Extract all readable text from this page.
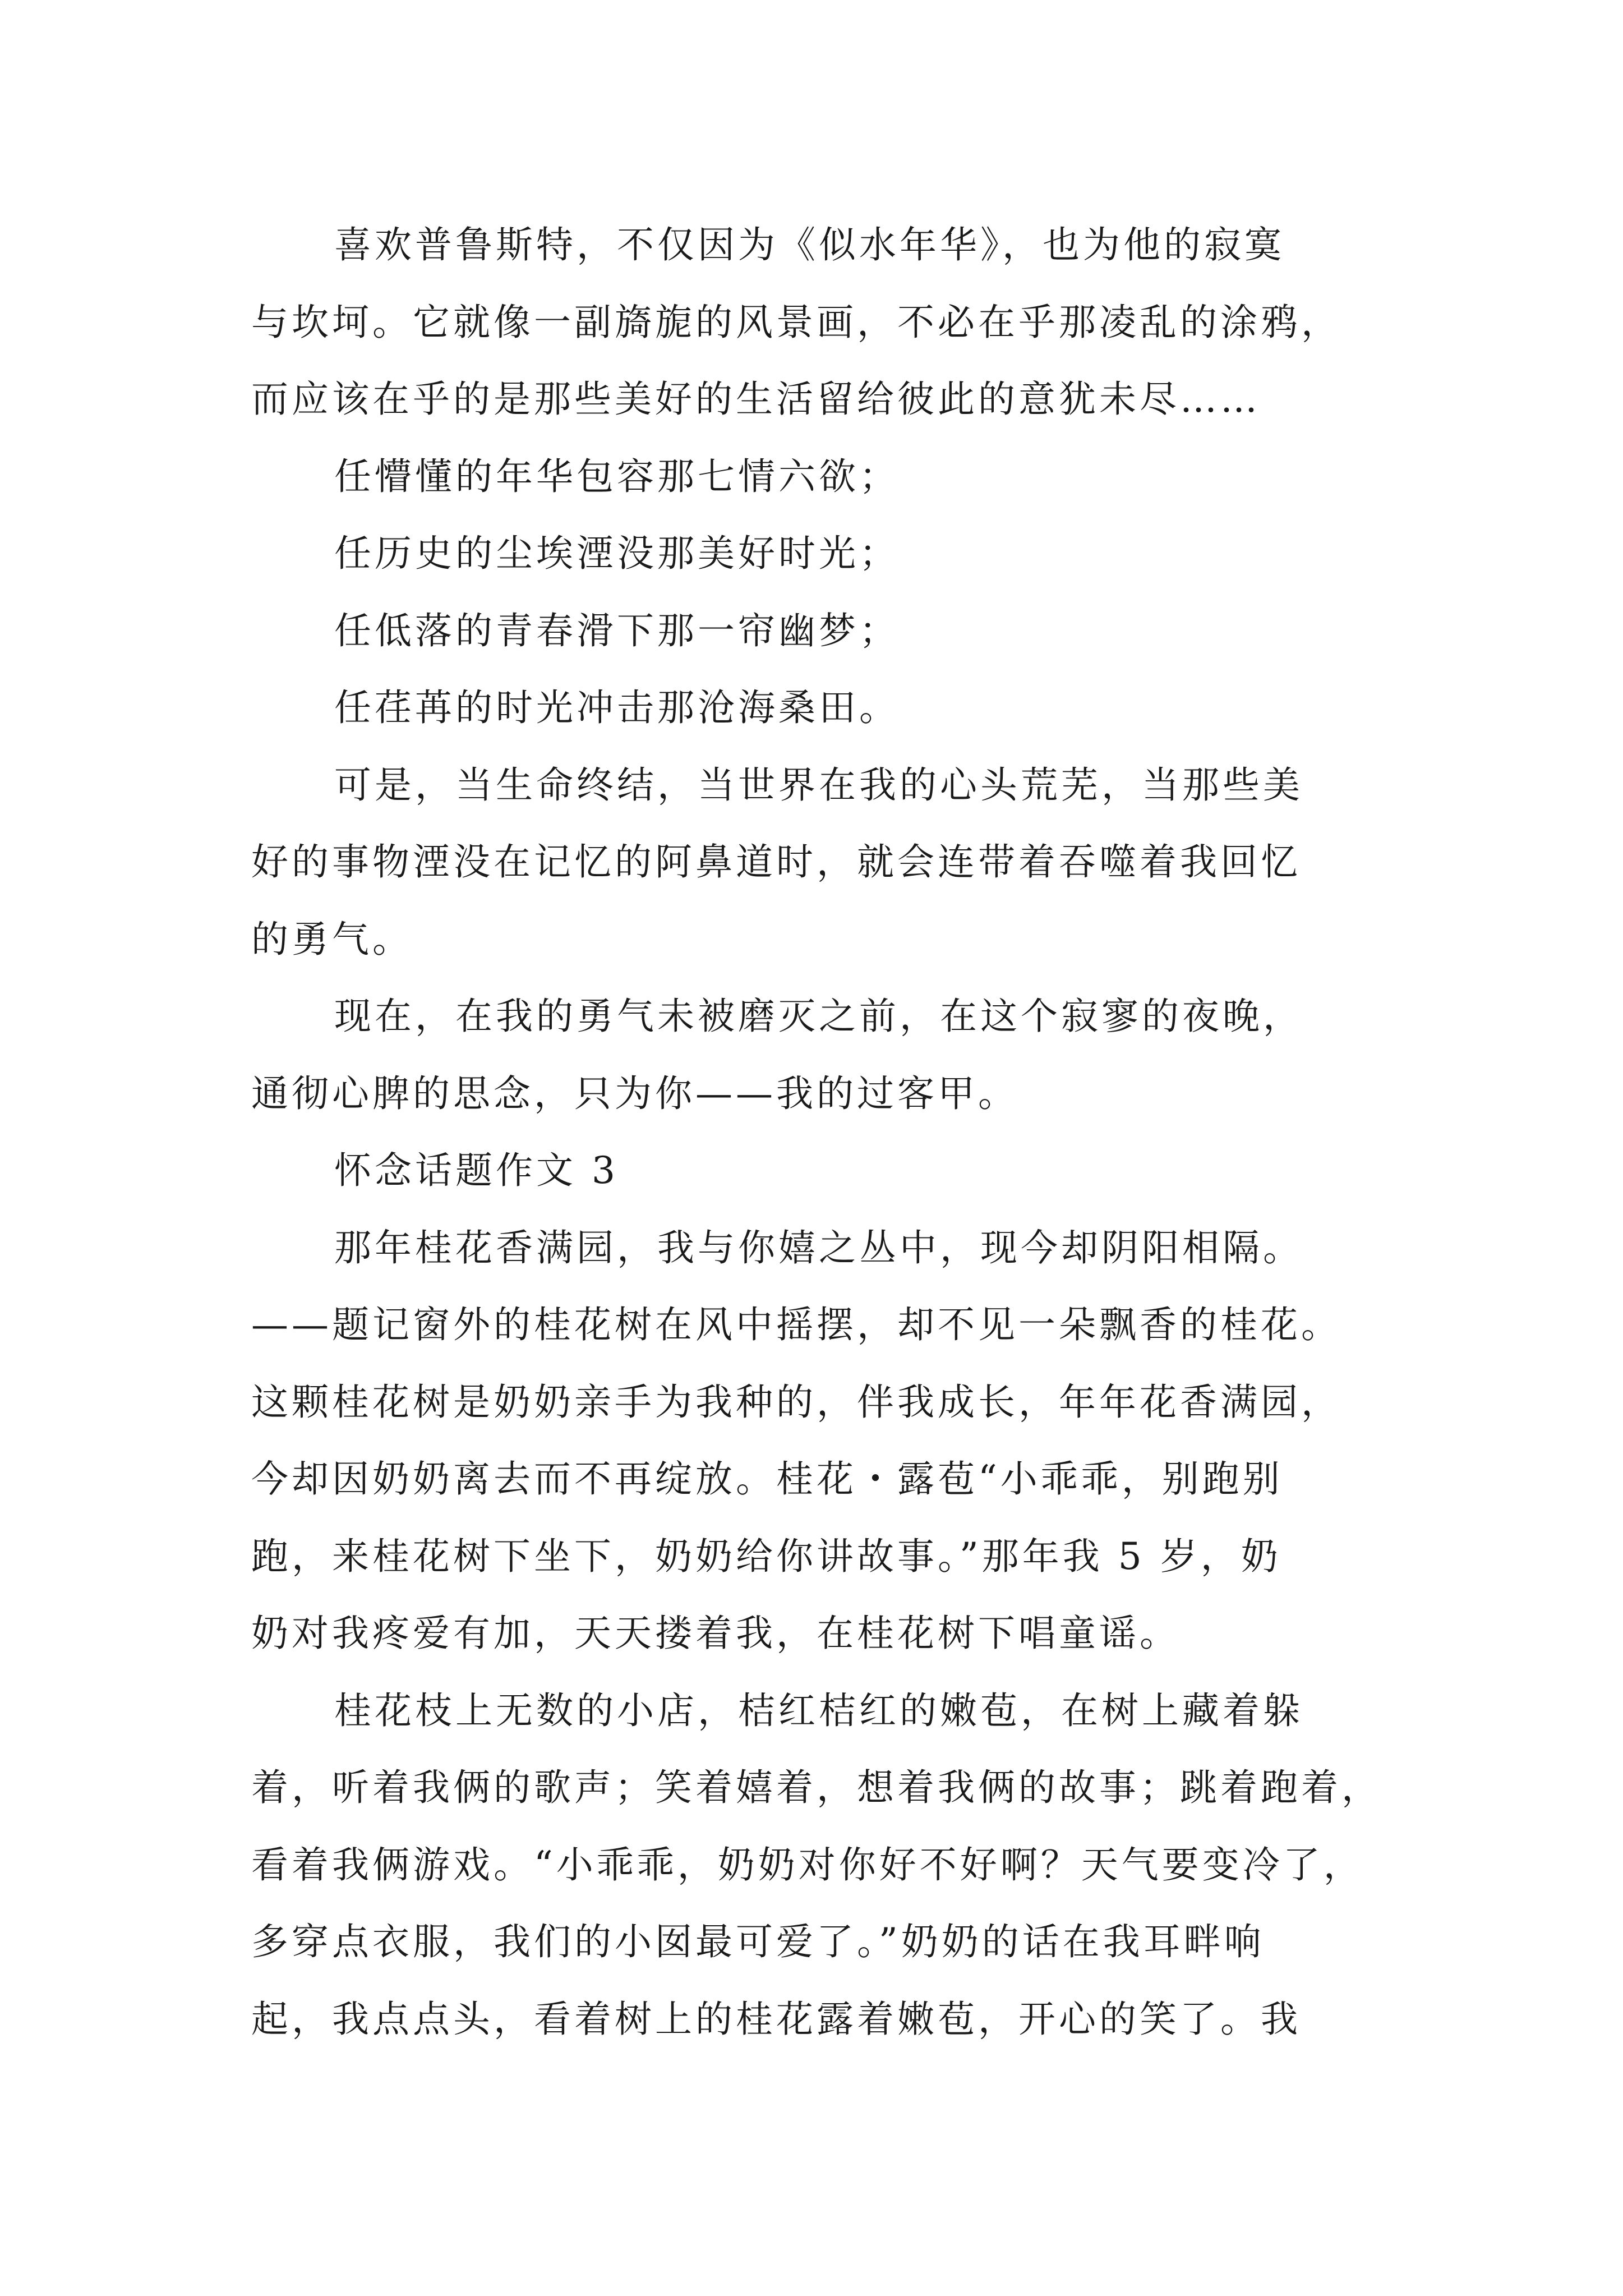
喜欢普鲁斯特，不仅因为《似水年华》，也为他的寂寞
与坎坷。它就像一副旖旎的风景画，不必在乎那凌乱的涂鸦，
而应该在乎的是那些美好的生活留给彼此的意犹未尽……
任懵懂的年华包容那七情六欲；
任历史的尘埃湮没那美好时光；
任低落的青春滑下那一帘幽梦；
任荏苒的时光冲击那沧海桑田。
可是，当生命终结，当世界在我的心头荒芜，当那些美
好的事物湮没在记忆的阿鼻道时，就会连带着吞噬着我回忆
的勇气。
现在，在我的勇气未被磨灭之前，在这个寂寥的夜晚，
通彻心脾的思念，只为你——我的过客甲。
怀念话题作文 3
那年桂花香满园，我与你嬉之丛中，现今却阴阳相隔。
——题记窗外的桂花树在风中摇摆，却不见一朵飘香的桂花。
这颗桂花树是奶奶亲手为我种的，伴我成长，年年花香满园，
今却因奶奶离去而不再绽放。桂花・露苞“小乖乖，别跑别
跑，来桂花树下坐下，奶奶给你讲故事。”那年我 5 岁，奶
奶对我疼爱有加，天天搂着我，在桂花树下唱童谣。
桂花枝上无数的小店，桔红桔红的嫩苞，在树上藏着躲
着，听着我俩的歌声；笑着嬉着，想着我俩的故事；跳着跑着，
看着我俩游戏。“小乖乖，奶奶对你好不好啊？天气要变冷了，
多穿点衣服，我们的小囡最可爱了。”奶奶的话在我耳畔响
起，我点点头，看着树上的桂花露着嫩苞，开心的笑了。我
